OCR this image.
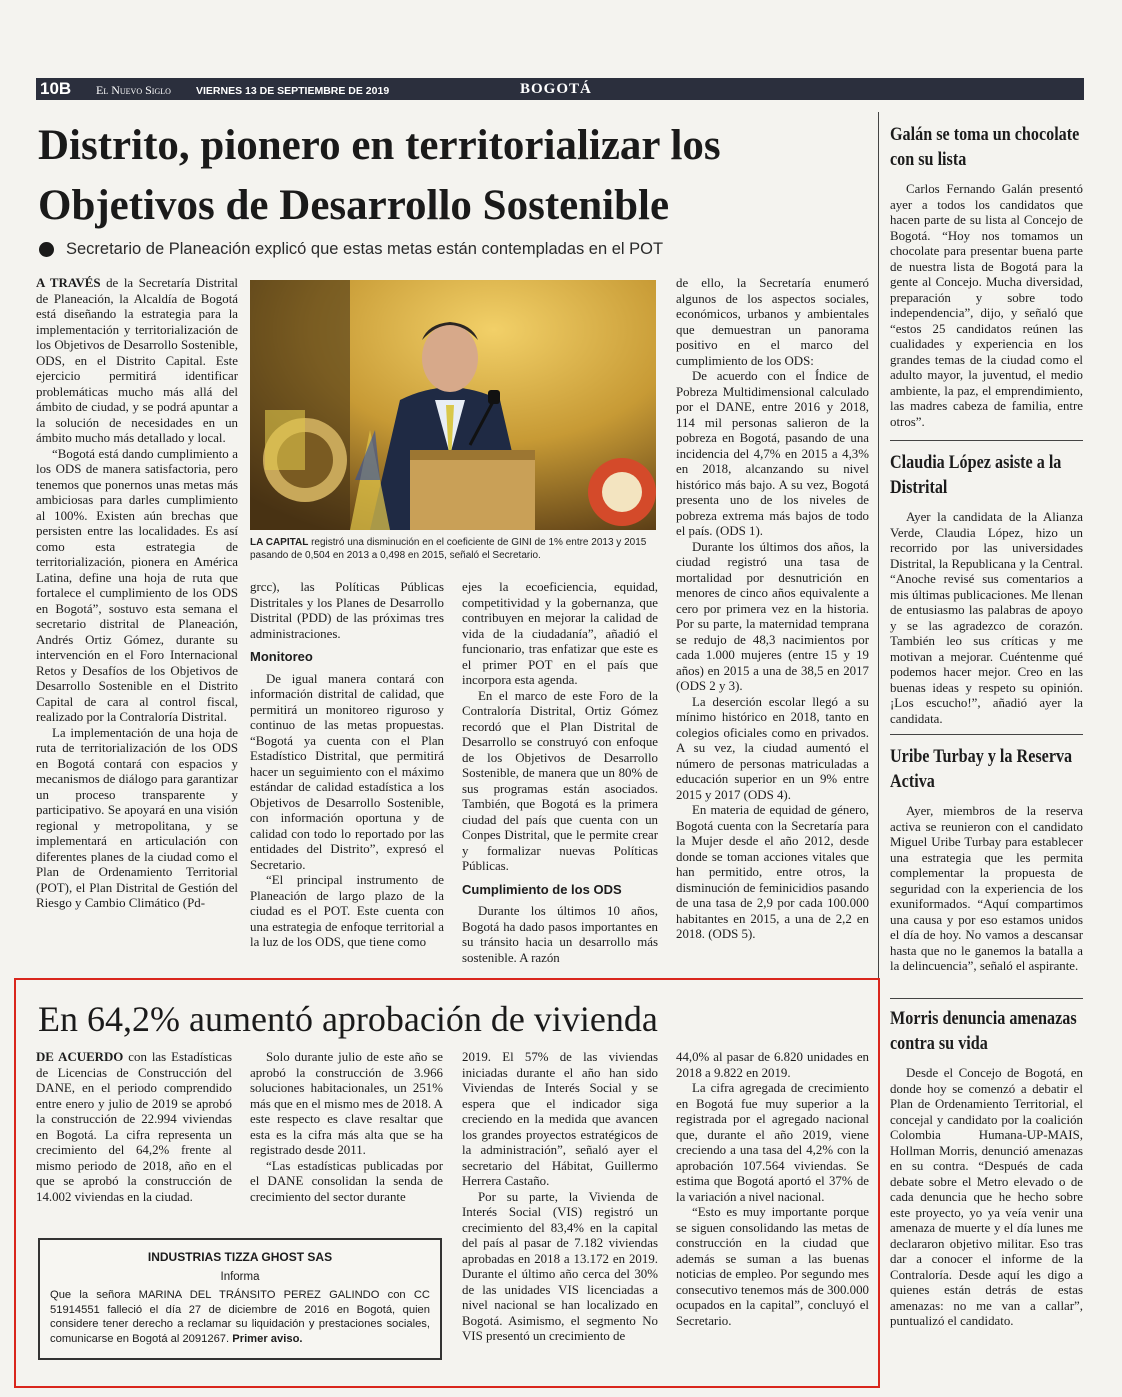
10B El Nuevo Siglo VIERNES 13 DE SEPTIEMBRE DE 2019	BOGOTÁ
Distrito, pionero en territorializar los Objetivos de Desarrollo Sostenible
Secretario de Planeación explicó que estas metas están contempladas en el POT

A TRAVÉS de la Secretaría Distrital de Planeación, la Alcaldía de Bogotá está diseñando la estrategia para la implementación y territorialización de los Objetivos de Desarrollo Sostenible, ODS, en el Distrito Capital. Este ejercicio permitirá identificar problemáticas mucho más allá del ámbito de ciudad, y se podrá apuntar a la solución de necesidades en un ámbito mucho más detallado y local.

“Bogotá está dando cumplimiento a los ODS de manera satisfactoria, pero tenemos que ponernos unas metas más ambiciosas para darles cumplimiento al 100%. Existen aún brechas que persisten entre las localidades. Es así como esta estrategia de territorialización, pionera en América Latina, define una hoja de ruta que fortalece el cumplimiento de los ODS en Bogotá”, sostuvo esta semana el secretario distrital de Planeación, Andrés Ortiz Gómez, durante su intervención en el Foro Internacional Retos y Desafíos de los Objetivos de Desarrollo Sostenible en el Distrito Capital de cara al control fiscal, realizado por la Contraloría Distrital.

La implementación de una hoja de ruta de territorialización de los ODS en Bogotá contará con espacios y mecanismos de diálogo para garantizar un proceso transparente y participativo. Se apoyará en una visión regional y metropolitana, y se implementará en articulación con diferentes planes de la ciudad como el Plan de Ordenamiento Territorial (POT), el Plan Distrital de Gestión del Riesgo y Cambio Climático (Pd-

LA CAPITAL registró una disminución en el coeficiente de GINI de 1% entre 2013 y 2015 pasando de 0,504 en 2013 a 0,498 en 2015, señaló el Secretario.

grcc), las Políticas Públicas Distritales y los Planes de Desarrollo Distrital (PDD) de las próximas tres administraciones.

Monitoreo

De igual manera contará con información distrital de calidad, que permitirá un monitoreo riguroso y continuo de las metas propuestas. “Bogotá ya cuenta con el Plan Estadístico Distrital, que permitirá hacer un seguimiento con el máximo estándar de calidad estadística a los Objetivos de Desarrollo Sostenible, con información oportuna y de calidad con todo lo reportado por las entidades del Distrito”, expresó el Secretario.

“El principal instrumento de Planeación de largo plazo de la ciudad es el POT. Este cuenta con una estrategia de enfoque territorial a la luz de los ODS, que tiene como

ejes la ecoeficiencia, equidad, competitividad y la gobernanza, que contribuyen en mejorar la calidad de vida de la ciudadanía”, añadió el funcionario, tras enfatizar que este es el primer POT en el país que incorpora esta agenda.

En el marco de este Foro de la Contraloría Distrital, Ortiz Gómez recordó que el Plan Distrital de Desarrollo se construyó con enfoque de los Objetivos de Desarrollo Sostenible, de manera que un 80% de sus programas están asociados. También, que Bogotá es la primera ciudad del país que cuenta con un Conpes Distrital, que le permite crear y formalizar nuevas Políticas Públicas.

Cumplimiento de los ODS

Durante los últimos 10 años, Bogotá ha dado pasos importantes en su tránsito hacia un desarrollo más sostenible. A razón

de ello, la Secretaría enumeró algunos de los aspectos sociales, económicos, urbanos y ambientales que demuestran un panorama positivo en el marco del cumplimiento de los ODS:

De acuerdo con el Índice de Pobreza Multidimensional calculado por el DANE, entre 2016 y 2018, 114 mil personas salieron de la pobreza en Bogotá, pasando de una incidencia del 4,7% en 2015 a 4,3% en 2018, alcanzando su nivel histórico más bajo. A su vez, Bogotá presenta uno de los niveles de pobreza extrema más bajos de todo el país. (ODS 1).

Durante los últimos dos años, la ciudad registró una tasa de mortalidad por desnutrición en menores de cinco años equivalente a cero por primera vez en la historia. Por su parte, la maternidad temprana se redujo de 48,3 nacimientos por cada 1.000 mujeres (entre 15 y 19 años) en 2015 a una de 38,5 en 2017 (ODS 2 y 3).

La deserción escolar llegó a su mínimo histórico en 2018, tanto en colegios oficiales como en privados. A su vez, la ciudad aumentó el número de personas matriculadas a educación superior en un 9% entre 2015 y 2017 (ODS 4).

En materia de equidad de género, Bogotá cuenta con la Secretaría para la Mujer desde el año 2012, desde donde se toman acciones vitales que han permitido, entre otros, la disminución de feminicidios pasando de una tasa de 2,9 por cada 100.000 habitantes en 2015, a una de 2,2 en 2018. (ODS 5).

Galán se toma un chocolate con su lista
Carlos Fernando Galán presentó ayer a todos los candidatos que hacen parte de su lista al Concejo de Bogotá. “Hoy nos tomamos un chocolate para presentar buena parte de nuestra lista de Bogotá para la gente al Concejo. Mucha diversidad, preparación y sobre todo independencia”, dijo, y señaló que “estos 25 candidatos reúnen las cualidades y experiencia en los grandes temas de la ciudad como el adulto mayor, la juventud, el medio ambiente, la paz, el emprendimiento, las madres cabeza de familia, entre otros”.
Claudia López asiste a la Distrital
Ayer la candidata de la Alianza Verde, Claudia López, hizo un recorrido por las universidades Distrital, la Republicana y la Central. “Anoche revisé sus comentarios a mis últimas publicaciones. Me llenan de entusiasmo las palabras de apoyo y se las agradezco de corazón. También leo sus críticas y me motivan a mejorar. Cuéntenme qué podemos hacer mejor. Creo en las buenas ideas y respeto su opinión. ¡Los escucho!”, añadió ayer la candidata.
Uribe Turbay y la Reserva Activa
Ayer, miembros de la reserva activa se reunieron con el candidato Miguel Uribe Turbay para establecer una estrategia que les permita complementar la propuesta de seguridad con la experiencia de los exuniformados. “Aquí compartimos una causa y por eso estamos unidos el día de hoy. No vamos a descansar hasta que no le ganemos la batalla a la delincuencia”, señaló el aspirante.
Morris denuncia amenazas contra su vida
Desde el Concejo de Bogotá, en donde hoy se comenzó a debatir el Plan de Ordenamiento Territorial, el concejal y candidato por la coalición Colombia Humana-UP-MAIS, Hollman Morris, denunció amenazas en su contra. “Después de cada debate sobre el Metro elevado o de cada denuncia que he hecho sobre este proyecto, yo ya veía venir una amenaza de muerte y el día lunes me declararon objetivo militar. Eso tras dar a conocer el informe de la Contraloría. Desde aquí les digo a quienes están detrás de estas amenazas: no me van a callar”, puntualizó el candidato.
En 64,2% aumentó aprobación de vivienda

DE ACUERDO con las Estadísticas de Licencias de Construcción del DANE, en el periodo comprendido entre enero y julio de 2019 se aprobó la construcción de 22.994 viviendas en Bogotá. La cifra representa un crecimiento del 64,2% frente al mismo periodo de 2018, año en el que se aprobó la construcción de 14.002 viviendas en la ciudad.

Solo durante julio de este año se aprobó la construcción de 3.966 soluciones habitacionales, un 251% más que en el mismo mes de 2018. A este respecto es clave resaltar que esta es la cifra más alta que se ha registrado desde 2011.

“Las estadísticas publicadas por el DANE consolidan la senda de crecimiento del sector durante

2019. El 57% de las viviendas iniciadas durante el año han sido Viviendas de Interés Social y se espera que el indicador siga creciendo en la medida que avancen los grandes proyectos estratégicos de la administración”, señaló ayer el secretario del Hábitat, Guillermo Herrera Castaño.

Por su parte, la Vivienda de Interés Social (VIS) registró un crecimiento del 83,4% en la capital del país al pasar de 7.182 viviendas aprobadas en 2018 a 13.172 en 2019. Durante el último año cerca del 30% de las unidades VIS licenciadas a nivel nacional se han localizado en Bogotá. Asimismo, el segmento No VIS presentó un crecimiento de

44,0% al pasar de 6.820 unidades en 2018 a 9.822 en 2019.

La cifra agregada de crecimiento en Bogotá fue muy superior a la registrada por el agregado nacional que, durante el año 2019, viene creciendo a una tasa del 4,2% con la aprobación 107.564 viviendas. Se estima que Bogotá aportó el 37% de la variación a nivel nacional.

“Esto es muy importante porque se siguen consolidando las metas de construcción en la ciudad que además se suman a las buenas noticias de empleo. Por segundo mes consecutivo tenemos más de 300.000 ocupados en la capital”, concluyó el Secretario.

INDUSTRIAS TIZZA GHOST SAS
Informa
Que la señora MARINA DEL TRÁNSITO PEREZ GALINDO con CC 51914551 falleció el día 27 de diciembre de 2016 en Bogotá, quien considere tener derecho a reclamar su liquidación y prestaciones sociales, comunicarse en Bogotá al 2091267. Primer aviso.
